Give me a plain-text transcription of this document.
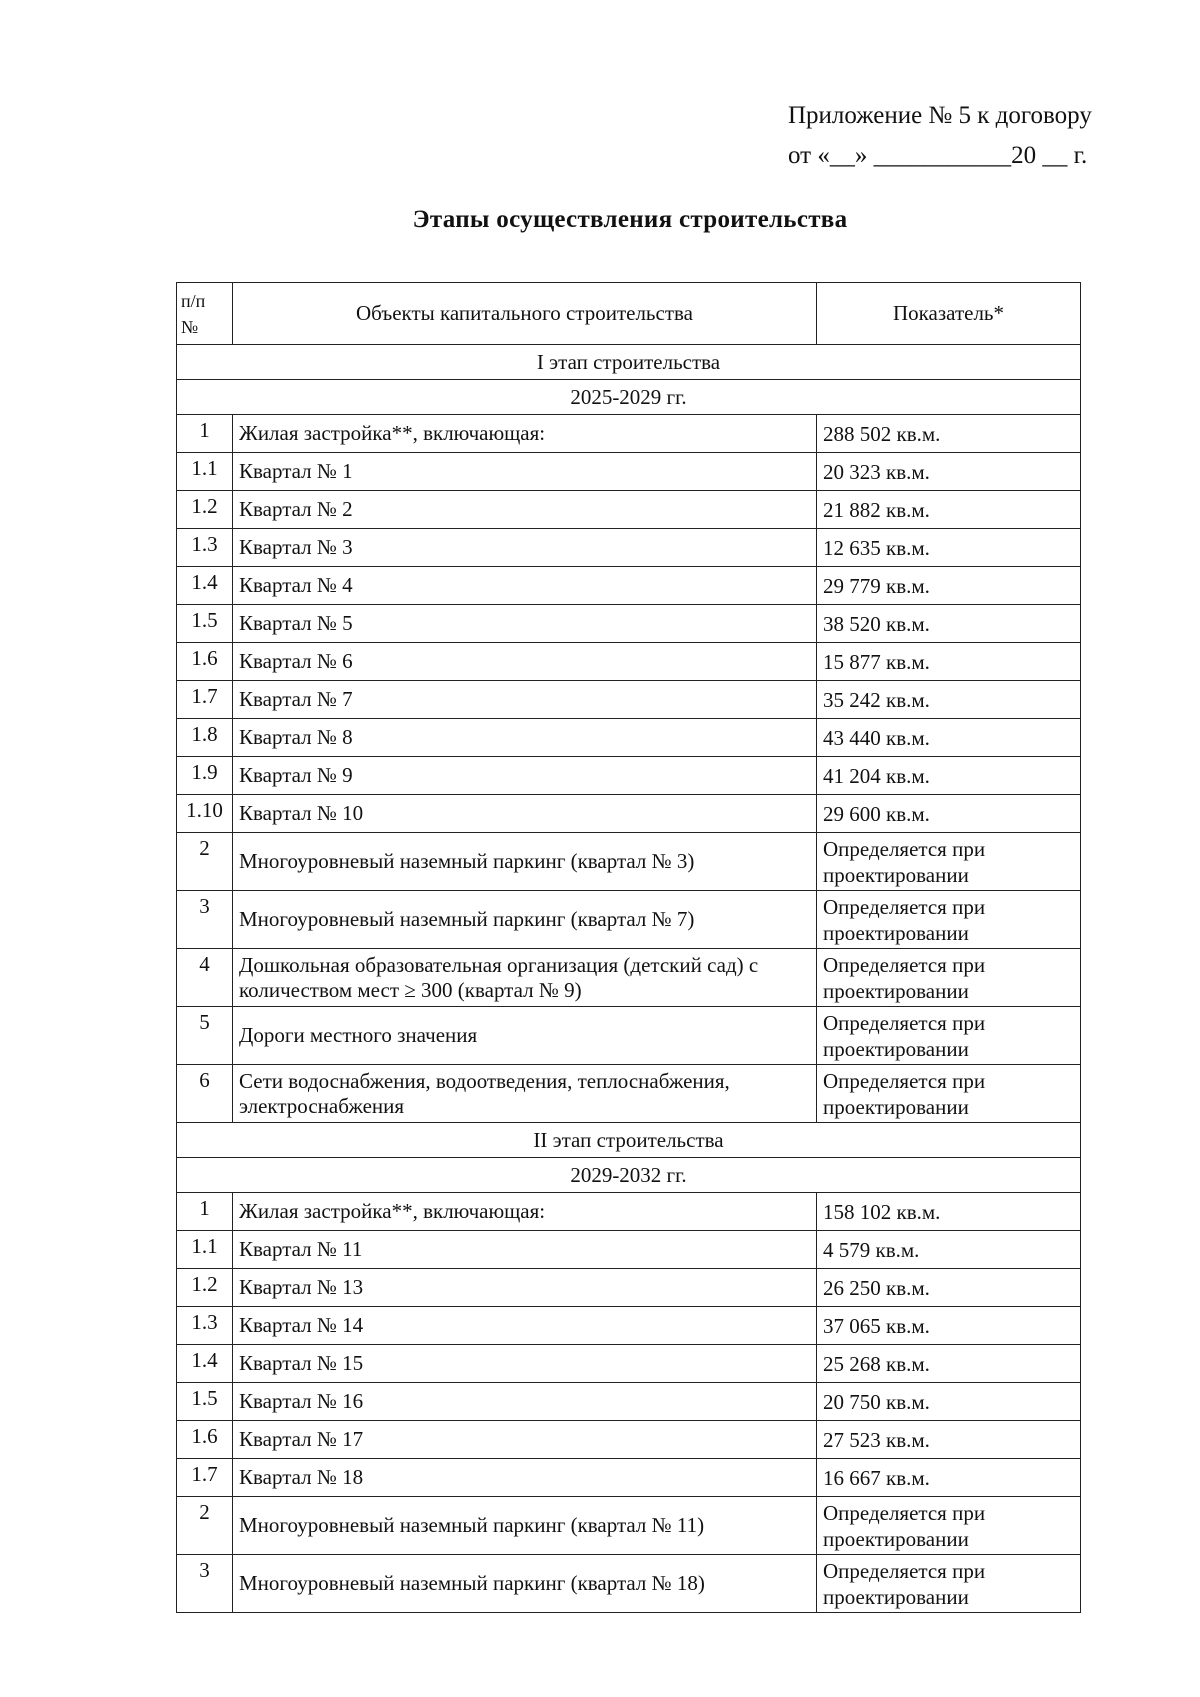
Приложение № 5 к договору
от «__» ___________20 __ г.
Этапы осуществления строительства
п/п
№	Объекты капитального строительства	Показатель*
I этап строительства		
2025-2029 гг.		
1	Жилая застройка**, включающая:	288 502 кв.м.
1.1	Квартал № 1	20 323 кв.м.
1.2	Квартал № 2	21 882 кв.м.
1.3	Квартал № 3	12 635 кв.м.
1.4	Квартал № 4	29 779 кв.м.
1.5	Квартал № 5	38 520 кв.м.
1.6	Квартал № 6	15 877 кв.м.
1.7	Квартал № 7	35 242 кв.м.
1.8	Квартал № 8	43 440 кв.м.
1.9	Квартал № 9	41 204 кв.м.
1.10	Квартал № 10	29 600 кв.м.
2	Многоуровневый наземный паркинг (квартал № 3)	Определяется при проектировании
3	Многоуровневый наземный паркинг (квартал № 7)	Определяется при проектировании
4	Дошкольная образовательная организация (детский сад) с количеством мест ≥ 300 (квартал № 9)	Определяется при проектировании
5	Дороги местного значения	Определяется при проектировании
6	Сети водоснабжения, водоотведения, теплоснабжения, электроснабжения	Определяется при проектировании
II этап строительства		
2029-2032 гг.		
1	Жилая застройка**, включающая:	158 102 кв.м.
1.1	Квартал № 11	4 579 кв.м.
1.2	Квартал № 13	26 250 кв.м.
1.3	Квартал № 14	37 065 кв.м.
1.4	Квартал № 15	25 268 кв.м.
1.5	Квартал № 16	20 750 кв.м.
1.6	Квартал № 17	27 523 кв.м.
1.7	Квартал № 18	16 667 кв.м.
2	Многоуровневый наземный паркинг (квартал № 11)	Определяется при проектировании
3	Многоуровневый наземный паркинг (квартал № 18)	Определяется при проектировании
